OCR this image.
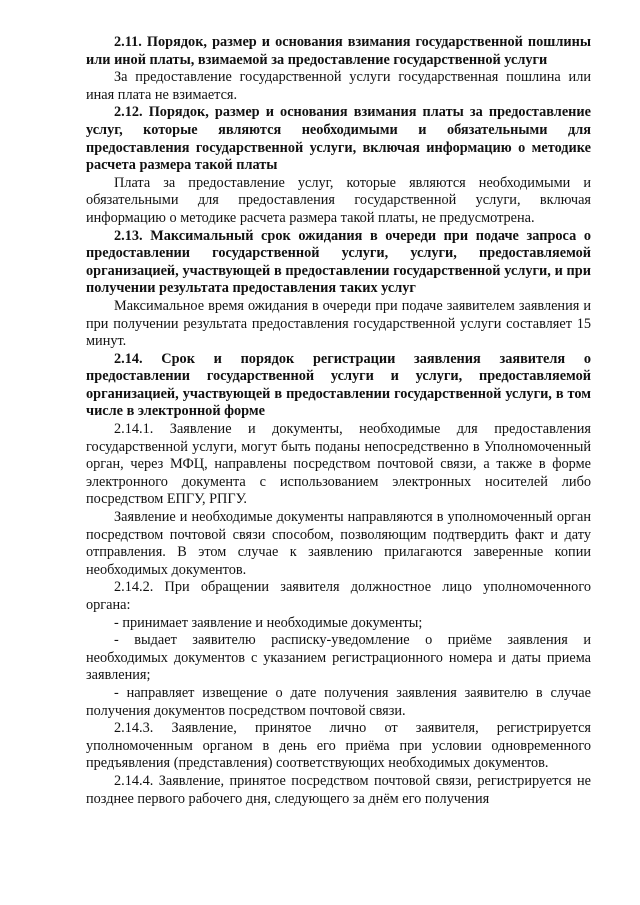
2.11. Порядок, размер и основания взимания государственной пошлины или иной платы, взимаемой за предоставление государственной услуги

За предоставление государственной услуги государственная пошлина или иная плата не взимается.

2.12. Порядок, размер и основания взимания платы за предоставление услуг, которые являются необходимыми и обязательными для предоставления государственной услуги, включая информацию о методике расчета размера такой платы

Плата за предоставление услуг, которые являются необходимыми и обязательными для предоставления государственной услуги, включая информацию о методике расчета размера такой платы, не предусмотрена.

2.13. Максимальный срок ожидания в очереди при подаче запроса о предоставлении государственной услуги, услуги, предоставляемой организацией, участвующей в предоставлении государственной услуги, и при получении результата предоставления таких услуг

Максимальное время ожидания в очереди при подаче заявителем заявления и при получении результата предоставления государственной услуги составляет 15 минут.

2.14. Срок и порядок регистрации заявления заявителя о предоставлении государственной услуги и услуги, предоставляемой организацией, участвующей в предоставлении государственной услуги, в том числе в электронной форме

2.14.1. Заявление и документы, необходимые для предоставления государственной услуги, могут быть поданы непосредственно в Уполномоченный орган, через МФЦ, направлены посредством почтовой связи, а также в форме электронного документа с использованием электронных носителей либо посредством ЕПГУ, РПГУ.

Заявление и необходимые документы направляются в уполномоченный орган посредством почтовой связи способом, позволяющим подтвердить факт и дату отправления. В этом случае к заявлению прилагаются заверенные копии необходимых документов.

2.14.2. При обращении заявителя должностное лицо уполномоченного органа:

- принимает заявление и необходимые документы;

- выдает заявителю расписку-уведомление о приёме заявления и необходимых документов с указанием регистрационного номера и даты приема заявления;

- направляет извещение о дате получения заявления заявителю в случае получения документов посредством почтовой связи.

2.14.3. Заявление, принятое лично от заявителя, регистрируется уполномоченным органом в день его приёма при условии одновременного предъявления (представления) соответствующих необходимых документов.

2.14.4. Заявление, принятое посредством почтовой связи, регистрируется не позднее первого рабочего дня, следующего за днём его получения
